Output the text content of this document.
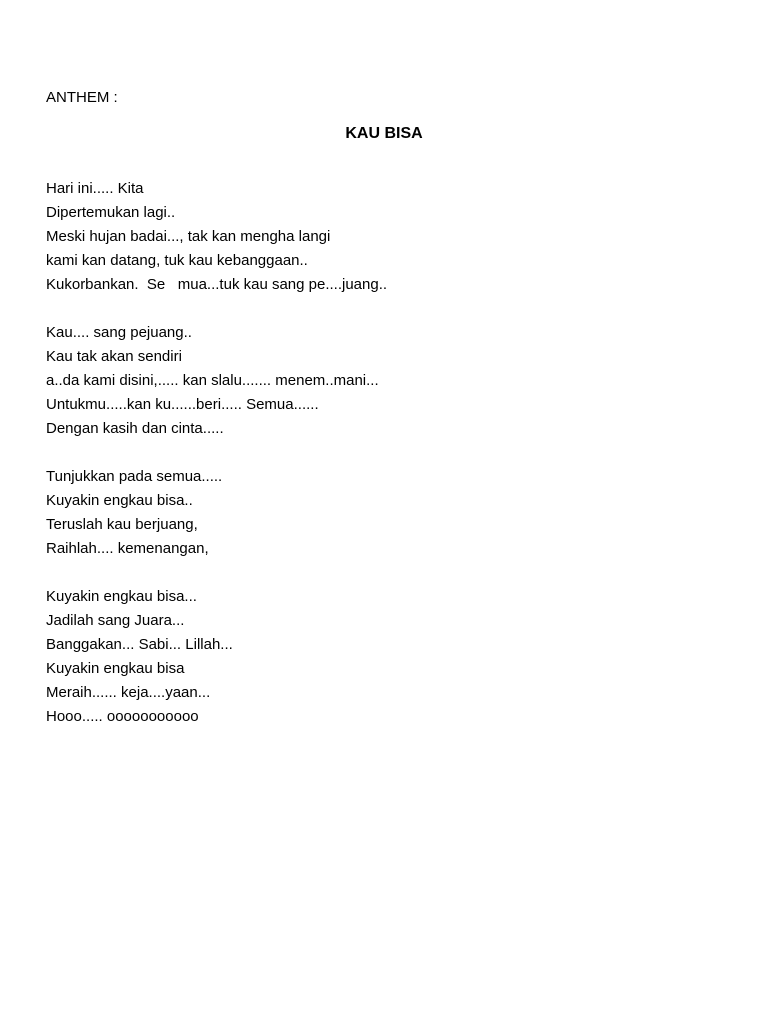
ANTHEM :
KAU BISA
Hari ini..... Kita
Dipertemukan lagi..
Meski hujan badai..., tak kan mengha langi
kami kan datang, tuk kau kebanggaan..
Kukorbankan.  Se   mua...tuk kau sang pe....juang..
Kau.... sang pejuang..
Kau tak akan sendiri
a..da kami disini,..... kan slalu....... menem..mani...
Untukmu.....kan ku......beri..... Semua......
Dengan kasih dan cinta.....
Tunjukkan pada semua.....
Kuyakin engkau bisa..
Teruslah kau berjuang,
Raihlah.... kemenangan,
Kuyakin engkau bisa...
Jadilah sang Juara...
Banggakan... Sabi... Lillah...
Kuyakin engkau bisa
Meraih...... keja....yaan...
Hooo..... ooooooooooo
